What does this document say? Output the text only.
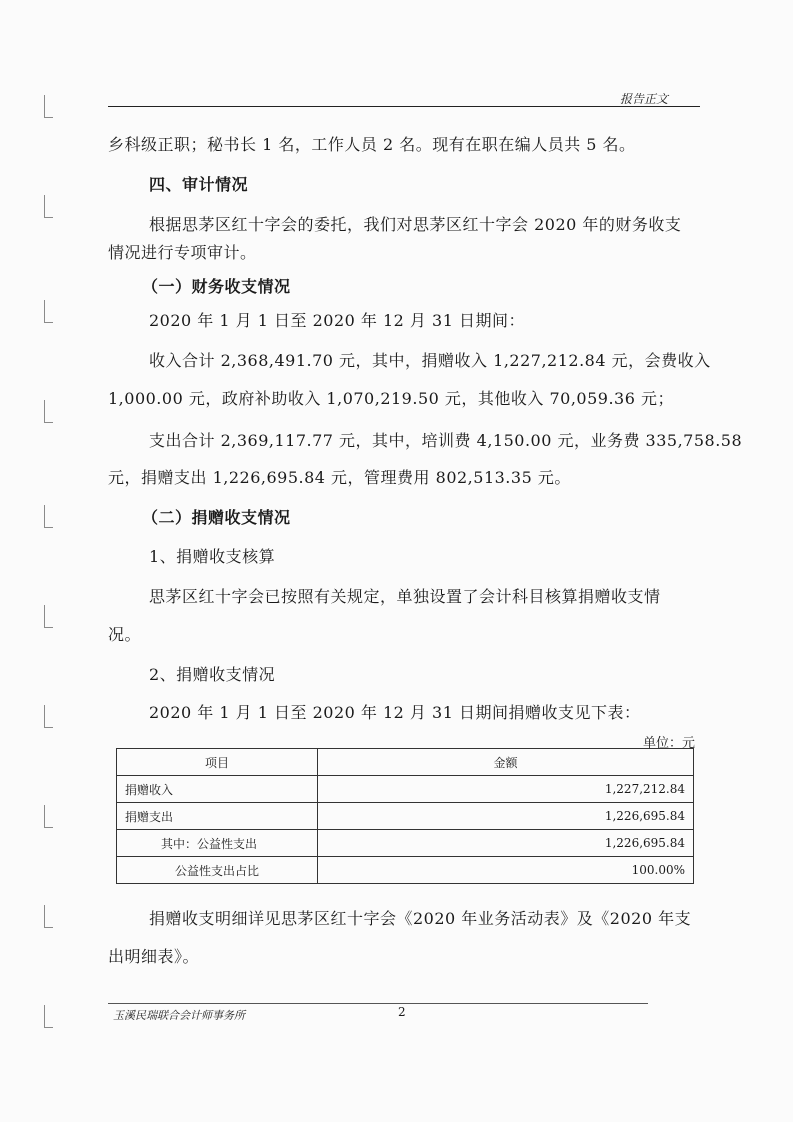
报告正文
乡科级正职；秘书长 1 名，工作人员 2 名。现有在职在编人员共 5 名。
四、审计情况
根据思茅区红十字会的委托，我们对思茅区红十字会 2020 年的财务收支
情况进行专项审计。
（一）财务收支情况
2020 年 1 月 1 日至 2020 年 12 月 31 日期间：
收入合计 2,368,491.70 元，其中，捐赠收入 1,227,212.84 元，会费收入
1,000.00 元，政府补助收入 1,070,219.50 元，其他收入 70,059.36 元；
支出合计 2,369,117.77 元，其中，培训费 4,150.00 元，业务费 335,758.58
元，捐赠支出 1,226,695.84 元，管理费用 802,513.35 元。
（二）捐赠收支情况
1、捐赠收支核算
思茅区红十字会已按照有关规定，单独设置了会计科目核算捐赠收支情
况。
2、捐赠收支情况
2020 年 1 月 1 日至 2020 年 12 月 31 日期间捐赠收支见下表：
单位：元
项目	金额
捐赠收入	1,227,212.84
捐赠支出	1,226,695.84
其中：公益性支出	1,226,695.84
公益性支出占比	100.00%
捐赠收支明细详见思茅区红十字会《2020 年业务活动表》及《2020 年支
出明细表》。
玉溪民瑞联合会计师事务所	2
